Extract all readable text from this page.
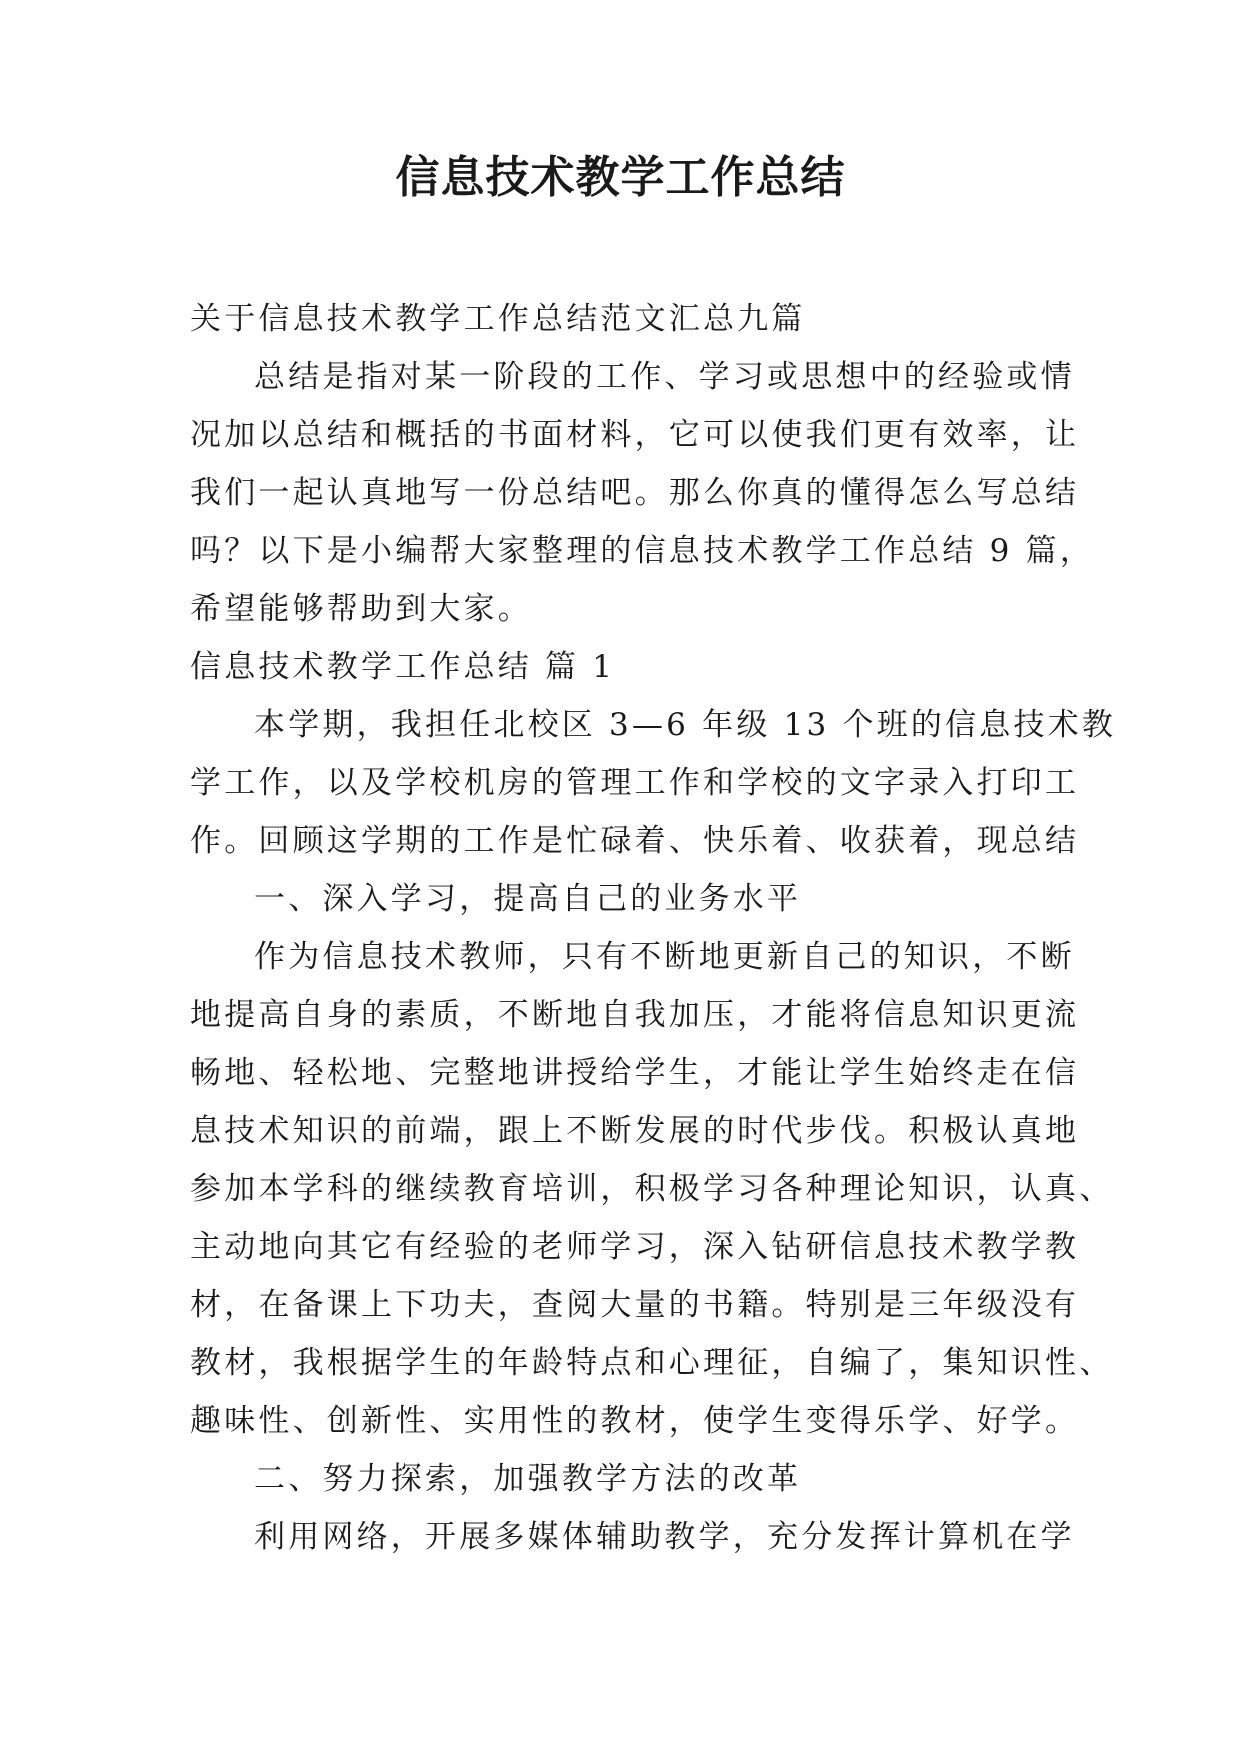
信息技术教学工作总结
关于信息技术教学工作总结范文汇总九篇
总结是指对某一阶段的工作、学习或思想中的经验或情
况加以总结和概括的书面材料，它可以使我们更有效率，让
我们一起认真地写一份总结吧。那么你真的懂得怎么写总结
吗？以下是小编帮大家整理的信息技术教学工作总结 9 篇，
希望能够帮助到大家。
信息技术教学工作总结 篇 1
本学期，我担任北校区 3—6 年级 13 个班的信息技术教
学工作，以及学校机房的管理工作和学校的文字录入打印工
作。回顾这学期的工作是忙碌着、快乐着、收获着，现总结
一、深入学习，提高自己的业务水平
作为信息技术教师，只有不断地更新自己的知识，不断
地提高自身的素质，不断地自我加压，才能将信息知识更流
畅地、轻松地、完整地讲授给学生，才能让学生始终走在信
息技术知识的前端，跟上不断发展的时代步伐。积极认真地
参加本学科的继续教育培训，积极学习各种理论知识，认真、
主动地向其它有经验的老师学习，深入钻研信息技术教学教
材，在备课上下功夫，查阅大量的书籍。特别是三年级没有
教材，我根据学生的年龄特点和心理征，自编了，集知识性、
趣味性、创新性、实用性的教材，使学生变得乐学、好学。
二、努力探索，加强教学方法的改革
利用网络，开展多媒体辅助教学，充分发挥计算机在学
